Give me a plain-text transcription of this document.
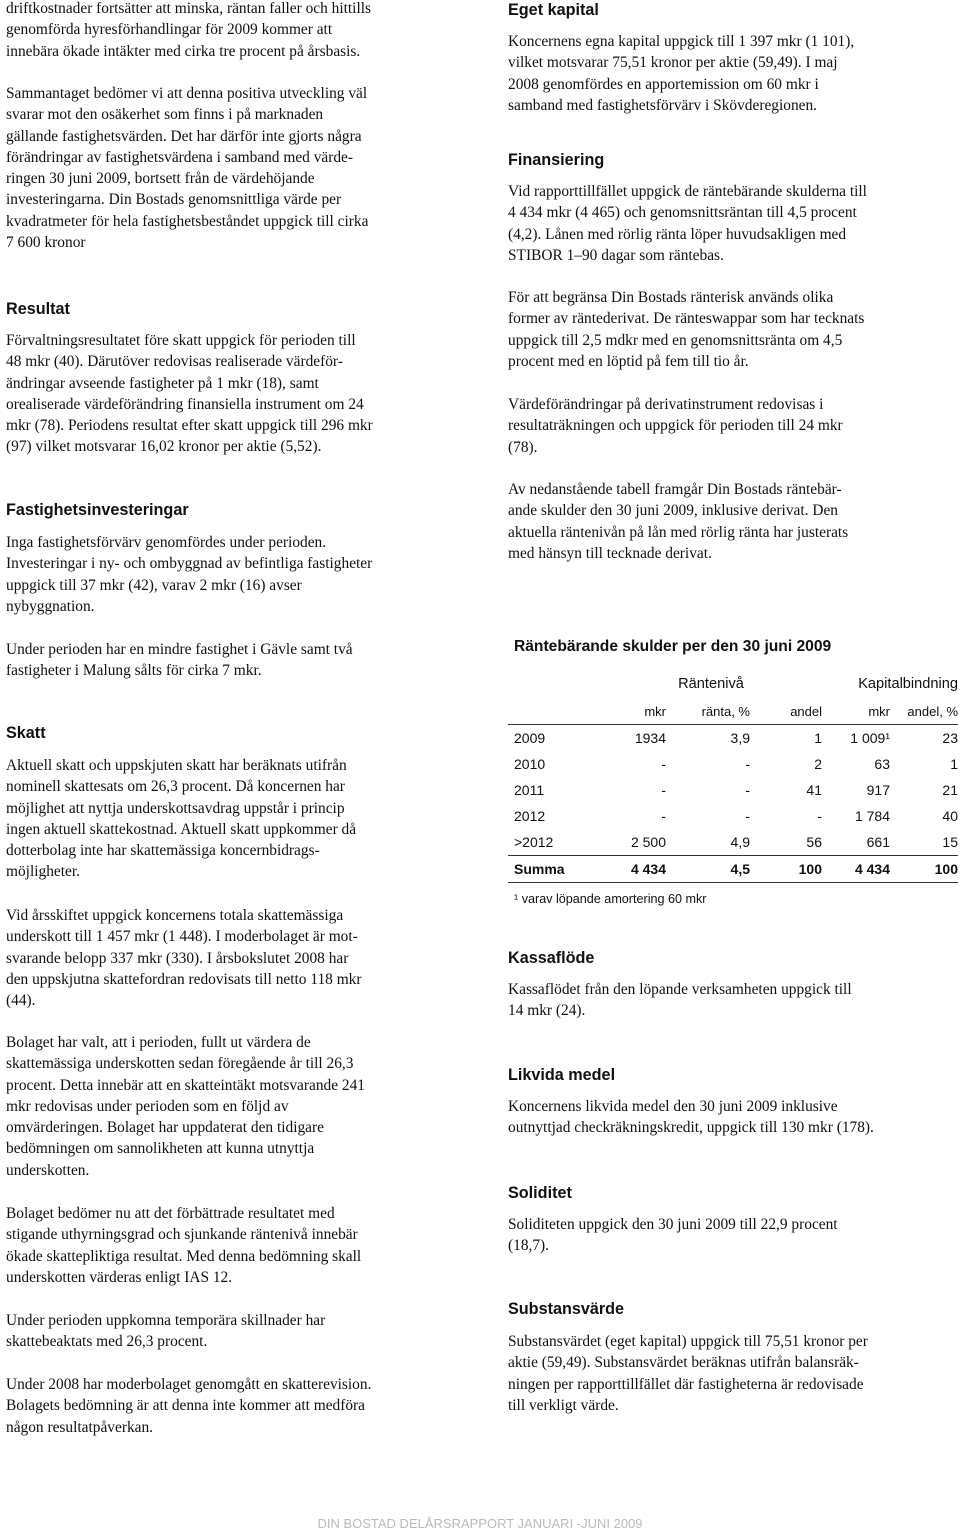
driftkostnader fortsätter att minska, räntan faller och hittills
genomförda hyresförhandlingar för 2009 kommer att
innebära ökade intäkter med cirka tre procent på årsbasis.

Sammantaget bedömer vi att denna positiva utveckling väl
svarar mot den osäkerhet som finns i på marknaden
gällande fastighetsvärden. Det har därför inte gjorts några
förändringar av fastighetsvärdena i samband med värde-
ringen 30 juni 2009, bortsett från de värdehöjande
investeringarna. Din Bostads genomsnittliga värde per
kvadratmeter för hela fastighetsbeståndet uppgick till cirka
7 600 kronor

Resultat

Förvaltningsresultatet före skatt uppgick för perioden till
48 mkr (40). Därutöver redovisas realiserade värdeför-
ändringar avseende fastigheter på 1 mkr (18), samt
orealiserade värdeförändring finansiella instrument om 24
mkr (78). Periodens resultat efter skatt uppgick till 296 mkr
(97) vilket motsvarar 16,02 kronor per aktie (5,52).

Fastighetsinvesteringar

Inga fastighetsförvärv genomfördes under perioden.
Investeringar i ny- och ombyggnad av befintliga fastigheter
uppgick till 37 mkr (42), varav 2 mkr (16) avser
nybyggnation.

Under perioden har en mindre fastighet i Gävle samt två
fastigheter i Malung sålts för cirka 7 mkr.

Skatt

Aktuell skatt och uppskjuten skatt har beräknats utifrån
nominell skattesats om 26,3 procent. Då koncernen har
möjlighet att nyttja underskottsavdrag uppstår i princip
ingen aktuell skattekostnad. Aktuell skatt uppkommer då
dotterbolag inte har skattemässiga koncernbidrags-
möjligheter.

Vid årsskiftet uppgick koncernens totala skattemässiga
underskott till 1 457 mkr (1 448). I moderbolaget är mot-
svarande belopp 337 mkr (330). I årsbokslutet 2008 har
den uppskjutna skattefordran redovisats till netto 118 mkr
(44).

Bolaget har valt, att i perioden, fullt ut värdera de
skattemässiga underskotten sedan föregående år till 26,3
procent. Detta innebär att en skatteintäkt motsvarande 241
mkr redovisas under perioden som en följd av
omvärderingen. Bolaget har uppdaterat den tidigare
bedömningen om sannolikheten att kunna utnyttja
underskotten.

Bolaget bedömer nu att det förbättrade resultatet med
stigande uthyrningsgrad och sjunkande räntenivå innebär
ökade skattepliktiga resultat. Med denna bedömning skall
underskotten värderas enligt IAS 12.

Under perioden uppkomna temporära skillnader har
skattebeaktats med 26,3 procent.

Under 2008 har moderbolaget genomgått en skatterevision.
Bolagets bedömning är att denna inte kommer att medföra
någon resultatpåverkan.

Eget kapital

Koncernens egna kapital uppgick till 1 397 mkr (1 101),
vilket motsvarar 75,51 kronor per aktie (59,49). I maj
2008 genomfördes en apportemission om 60 mkr i
samband med fastighetsförvärv i Skövderegionen.

Finansiering

Vid rapporttillfället uppgick de räntebärande skulderna till
4 434 mkr (4 465) och genomsnittsräntan till 4,5 procent
(4,2). Lånen med rörlig ränta löper huvudsakligen med
STIBOR 1–90 dagar som räntebas.

För att begränsa Din Bostads ränterisk används olika
former av räntederivat. De ränteswappar som har tecknats
uppgick till 2,5 mdkr med en genomsnittsränta om 4,5
procent med en löptid på fem till tio år.

Värdeförändringar på derivatinstrument redovisas i
resultaträkningen och uppgick för perioden till 24 mkr
(78).

Av nedanstående tabell framgår Din Bostads räntebär-
ande skulder den 30 juni 2009, inklusive derivat. Den
aktuella räntenivån på lån med rörlig ränta har justerats
med hänsyn till tecknade derivat.

Kassaflöde

Kassaflödet från den löpande verksamheten uppgick till
14 mkr (24).

Likvida medel

Koncernens likvida medel den 30 juni 2009 inklusive
outnyttjad checkräkningskredit, uppgick till 130 mkr (178).

Soliditet

Soliditeten uppgick den 30 juni 2009 till 22,9 procent
(18,7).

Substansvärde

Substansvärdet (eget kapital) uppgick till 75,51 kronor per
aktie (59,49). Substansvärdet beräknas utifrån balansräk-
ningen per rapporttillfället där fastigheterna är redovisade
till verkligt värde.

Räntebärande skulder per den 30 juni 2009
	Räntenivå			Kapitalbindning	
	mkr	ränta, %	andel	mkr	andel, %
2009	1934	3,9	1	1 009¹	23
2010	-	-	2	63	1
2011	-	-	41	917	21
2012	-	-	-	1 784	40
>2012	2 500	4,9	56	661	15
Summa	4 434	4,5	100	4 434	100
¹ varav löpande amortering 60 mkr
DIN BOSTAD DELÅRSRAPPORT JANUARI -JUNI 2009
